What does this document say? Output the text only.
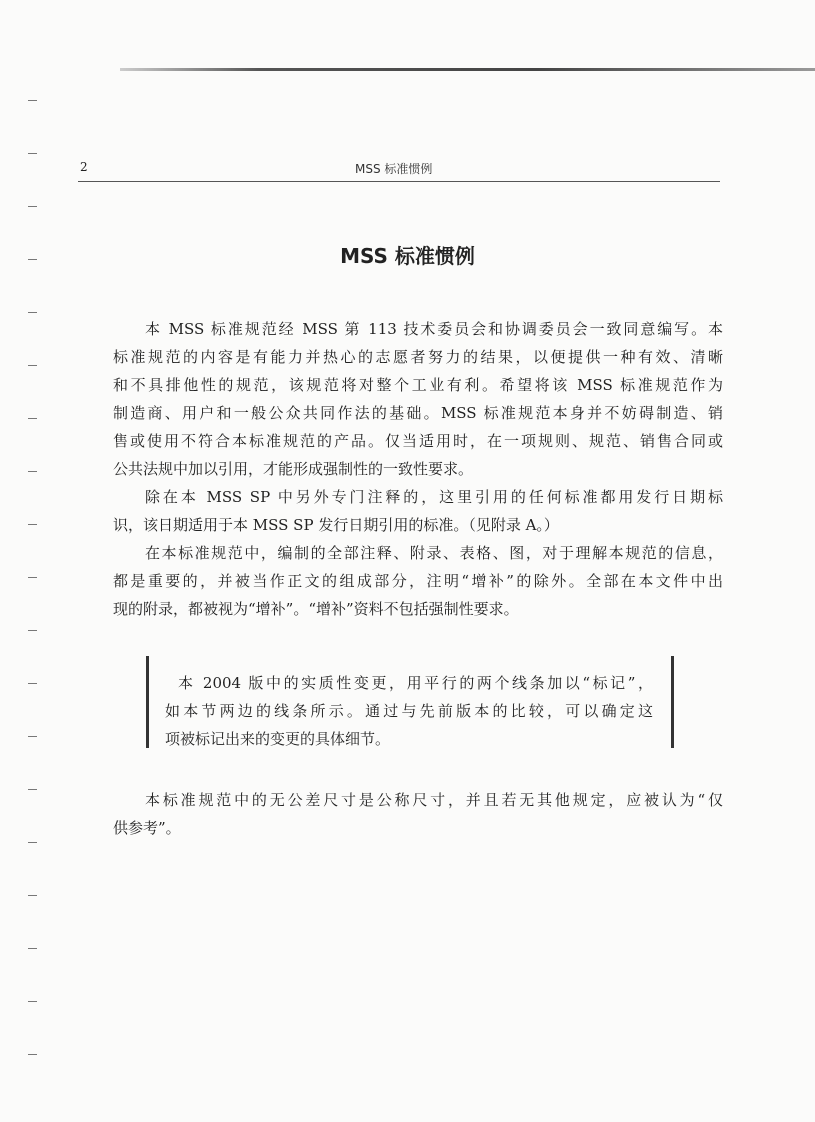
2	MSS 标准惯例
MSS 标准惯例
本 MSS 标准规范经 MSS 第 113 技术委员会和协调委员会一致同意编写。本
标准规范的内容是有能力并热心的志愿者努力的结果，以便提供一种有效、清晰
和不具排他性的规范，该规范将对整个工业有利。希望将该 MSS 标准规范作为
制造商、用户和一般公众共同作法的基础。MSS 标准规范本身并不妨碍制造、销
售或使用不符合本标准规范的产品。仅当适用时，在一项规则、规范、销售合同或
公共法规中加以引用，才能形成强制性的一致性要求。
除在本 MSS SP 中另外专门注释的，这里引用的任何标准都用发行日期标
识，该日期适用于本 MSS SP 发行日期引用的标准。（见附录 A。）
在本标准规范中，编制的全部注释、附录、表格、图，对于理解本规范的信息，
都是重要的，并被当作正文的组成部分，注明“增补”的除外。全部在本文件中出
现的附录，都被视为“增补”。“增补”资料不包括强制性要求。
本 2004 版中的实质性变更，用平行的两个线条加以“标记”，
如本节两边的线条所示。通过与先前版本的比较，可以确定这
项被标记出来的变更的具体细节。
本标准规范中的无公差尺寸是公称尺寸，并且若无其他规定，应被认为“仅
供参考”。
